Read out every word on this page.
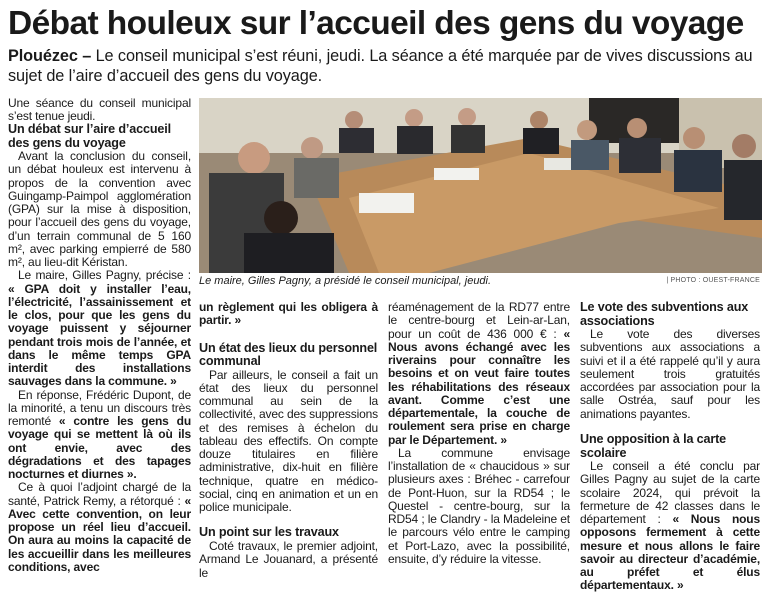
Débat houleux sur l’accueil des gens du voyage

Plouézec – Le conseil municipal s’est réuni, jeudi. La séance a été marquée par de vives discussions au sujet de l’aire d’accueil des gens du voyage.

Une séance du conseil municipal s’est tenue jeudi.

Un débat sur l’aire d’accueil des gens du voyage

Avant la conclusion du conseil, un débat houleux est intervenu à propos de la convention avec Guingamp-Paimpol agglomération (GPA) sur la mise à disposition, pour l’accueil des gens du voyage, d’un terrain communal de 5 160 m², avec parking empierré de 580 m², au lieu-dit Kéristan.

Le maire, Gilles Pagny, précise : « GPA doit y installer l’eau, l’électricité, l’assainissement et le clos, pour que les gens du voyage puissent y séjourner pendant trois mois de l’année, et dans le même temps GPA interdit des installations sauvages dans la commune. »

En réponse, Frédéric Dupont, de la minorité, a tenu un discours très remonté « contre les gens du voyage qui se mettent là où ils ont envie, avec des dégradations et des tapages nocturnes et diurnes ».

Ce à quoi l’adjoint chargé de la santé, Patrick Remy, a rétorqué : « Avec cette convention, on leur propose un réel lieu d’accueil. On aura au moins la capacité de les accueillir dans les meilleures conditions, avec

Le maire, Gilles Pagny, a présidé le conseil municipal, jeudi.	| PHOTO : OUEST-FRANCE

un règlement qui les obligera à partir. »

Un état des lieux du personnel communal

Par ailleurs, le conseil a fait un état des lieux du personnel communal au sein de la collectivité, avec des suppressions et des remises à échelon du tableau des effectifs. On compte douze titulaires en filière administrative, dix-huit en filière technique, quatre en médico-social, cinq en animation et un en police municipale.

Un point sur les travaux

Coté travaux, le premier adjoint, Armand Le Jouanard, a présenté le

réaménagement de la RD77 entre le centre-bourg et Lein-ar-Lan, pour un coût de 436 000 € : « Nous avons échangé avec les riverains pour connaître les besoins et on veut faire toutes les réhabilitations des réseaux avant. Comme c’est une départementale, la couche de roulement sera prise en charge par le Département. »

La commune envisage l’installation de « chaucidous » sur plusieurs axes : Bréhec - carrefour de Pont-Huon, sur la RD54 ; le Questel - centre-bourg, sur la RD54 ; le Clandry - la Madeleine et le parcours vélo entre le camping et Port-Lazo, avec la possibilité, ensuite, d’y réduire la vitesse.

Le vote des subventions aux associations

Le vote des diverses subventions aux associations a suivi et il a été rappelé qu’il y aura seulement trois gratuités accordées par association pour la salle Ostréa, sauf pour les animations payantes.

Une opposition à la carte scolaire

Le conseil a été conclu par Gilles Pagny au sujet de la carte scolaire 2024, qui prévoit la fermeture de 42 classes dans le département : « Nous nous opposons fermement à cette mesure et nous allons le faire savoir au directeur d’académie, au préfet et élus départementaux. »
